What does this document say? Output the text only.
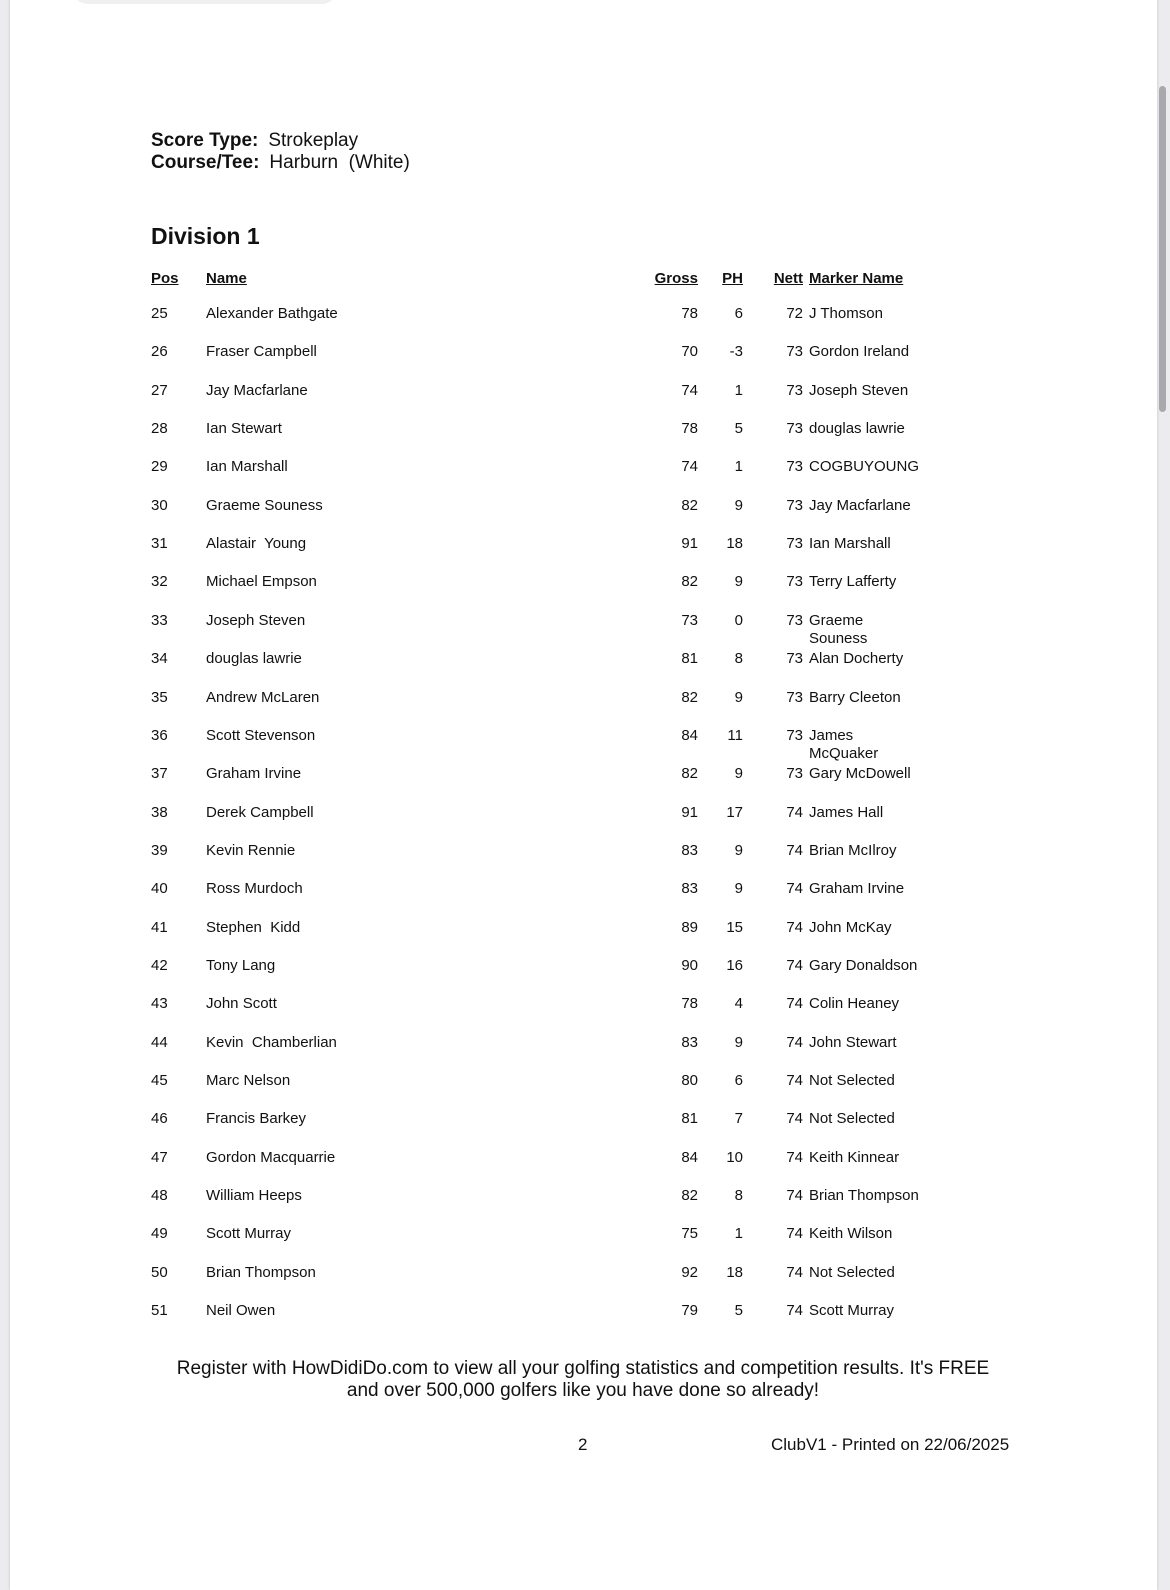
Score Type: Strokeplay
Course/Tee: Harburn  (White)
Division 1
Pos Name	Gross PH Nett Marker Name
25	Alexander Bathgate	78 6	72 J Thomson
26	Fraser Campbell	70 -3	73 Gordon Ireland
27	Jay Macfarlane	74 1	73 Joseph Steven
28	Ian Stewart	78 5	73 douglas lawrie
29	Ian Marshall	74 1	73 COGBUYOUNG
30	Graeme Souness	82 9	73 Jay Macfarlane
31	Alastair  Young	91 18	73 Ian Marshall
32	Michael Empson	82 9	73 Terry Lafferty
33	Joseph Steven	73 0	73 Graeme Souness
34	douglas lawrie	81 8	73 Alan Docherty
35	Andrew McLaren	82 9	73 Barry Cleeton
36	Scott Stevenson	84 11	73 James McQuaker
37	Graham Irvine	82 9	73 Gary McDowell
38	Derek Campbell	91 17	74 James Hall
39	Kevin Rennie	83 9	74 Brian McIlroy
40	Ross Murdoch	83 9	74 Graham Irvine
41	Stephen  Kidd	89 15	74 John McKay
42	Tony Lang	90 16	74 Gary Donaldson
43	John Scott	78 4	74 Colin Heaney
44	Kevin  Chamberlian	83 9	74 John Stewart
45	Marc Nelson	80 6	74 Not Selected
46	Francis Barkey	81 7	74 Not Selected
47	Gordon Macquarrie	84 10	74 Keith Kinnear
48	William Heeps	82 8	74 Brian Thompson
49	Scott Murray	75 1	74 Keith Wilson
50	Brian Thompson	92 18	74 Not Selected
51	Neil Owen	79 5	74 Scott Murray
Register with HowDidiDo.com to view all your golfing statistics and competition results. It's FREE and over 500,000 golfers like you have done so already!
2	ClubV1 - Printed on 22/06/2025
